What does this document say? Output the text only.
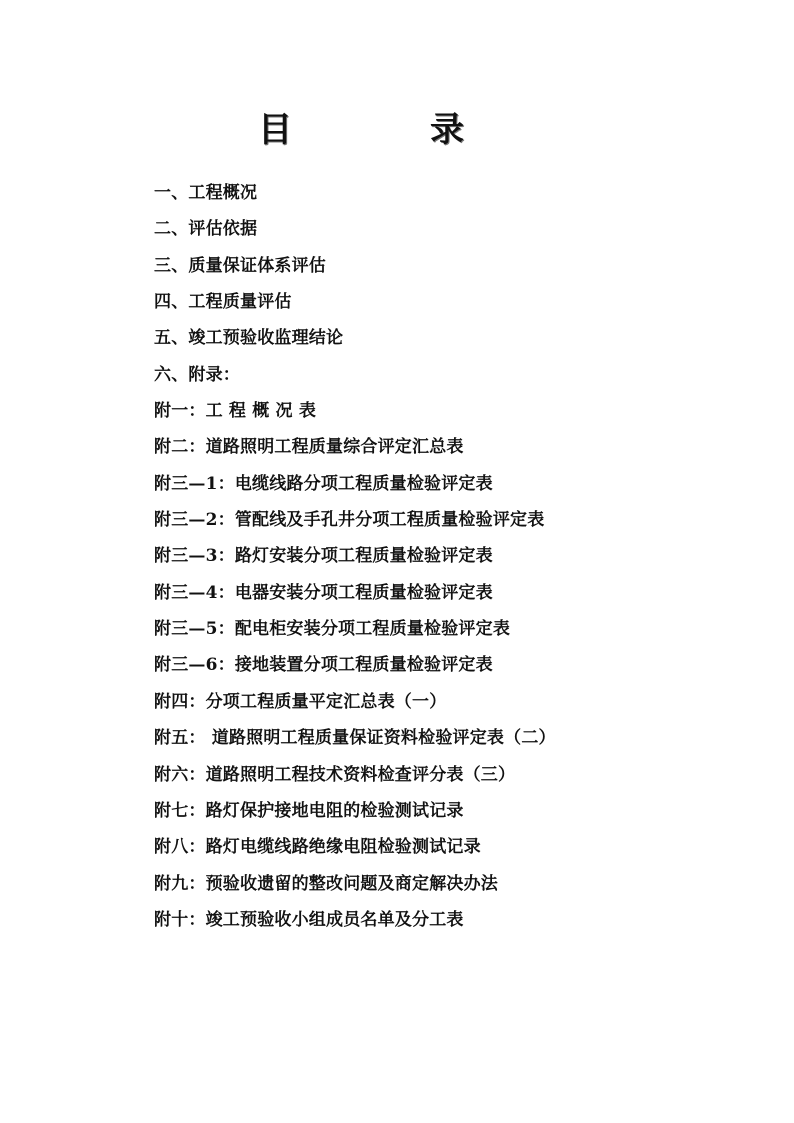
目	录
一、工程概况
二、评估依据
三、质量保证体系评估
四、工程质量评估
五、竣工预验收监理结论
六、附录：
附一：工 程 概 况 表
附二：道路照明工程质量综合评定汇总表
附三—1：电缆线路分项工程质量检验评定表
附三—2：管配线及手孔井分项工程质量检验评定表
附三—3：路灯安装分项工程质量检验评定表
附三—4：电器安装分项工程质量检验评定表
附三—5：配电柜安装分项工程质量检验评定表
附三—6：接地装置分项工程质量检验评定表
附四：分项工程质量平定汇总表（一）
附五： 道路照明工程质量保证资料检验评定表（二）
附六：道路照明工程技术资料检查评分表（三）
附七：路灯保护接地电阻的检验测试记录
附八：路灯电缆线路绝缘电阻检验测试记录
附九：预验收遗留的整改问题及商定解决办法
附十：竣工预验收小组成员名单及分工表
